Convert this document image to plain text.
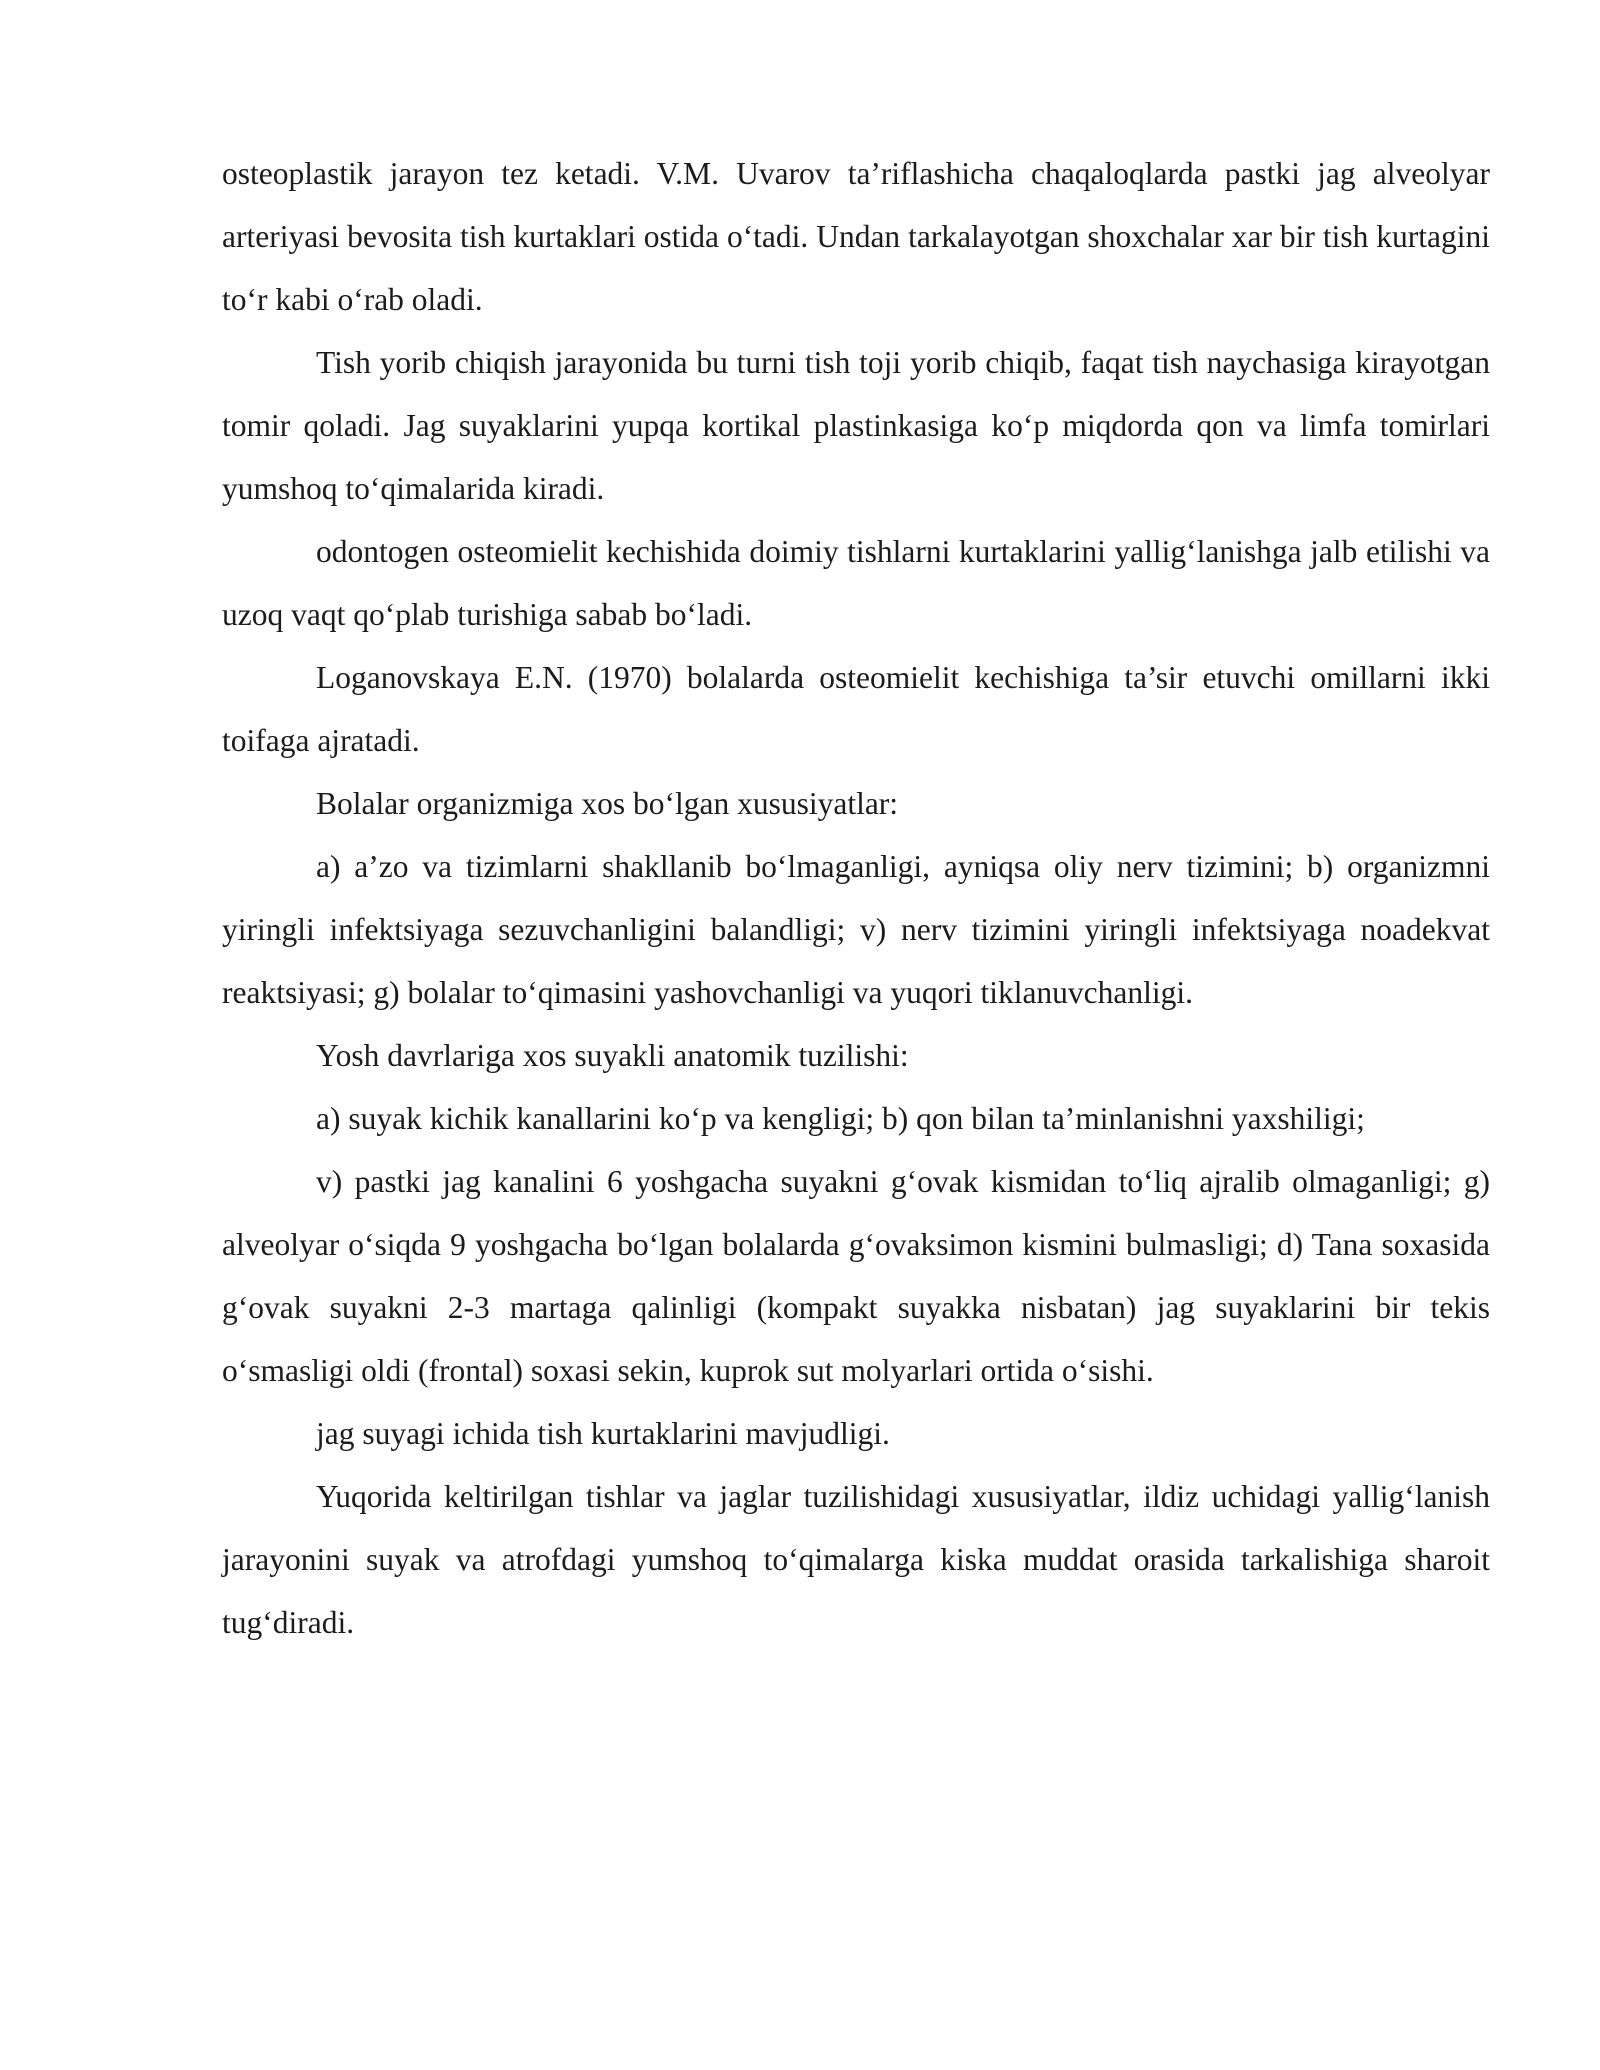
osteoplastik jarayon tez ketadi. V.M. Uvarov ta’riflashicha chaqaloqlarda pastki jag alveolyar arteriyasi bevosita tish kurtaklari ostida o‘tadi. Undan tarkalayotgan shoxchalar xar bir tish kurtagini to‘r kabi o‘rab oladi.

Tish yorib chiqish jarayonida bu turni tish toji yorib chiqib, faqat tish naychasiga kirayotgan tomir qoladi. Jag suyaklarini yupqa kortikal plastinkasiga ko‘p miqdorda qon va limfa tomirlari yumshoq to‘qimalarida kiradi.

odontogen osteomielit kechishida doimiy tishlarni kurtaklarini yallig‘lanishga jalb etilishi va uzoq vaqt qo‘plab turishiga sabab bo‘ladi.

Loganovskaya E.N. (1970) bolalarda osteomielit kechishiga ta’sir etuvchi omillarni ikki toifaga ajratadi.

Bolalar organizmiga xos bo‘lgan xususiyatlar:

a) a’zo va tizimlarni shakllanib bo‘lmaganligi, ayniqsa oliy nerv tizimini; b) organizmni yiringli infektsiyaga sezuvchanligini balandligi; v) nerv tizimini yiringli infektsiyaga noadekvat reaktsiyasi; g) bolalar to‘qimasini yashovchanligi va yuqori tiklanuvchanligi.

Yosh davrlariga xos suyakli anatomik tuzilishi:

a) suyak kichik kanallarini ko‘p va kengligi; b) qon bilan ta’minlanishni yaxshiligi;

v) pastki jag kanalini 6 yoshgacha suyakni g‘ovak kismidan to‘liq ajralib olmaganligi; g) alveolyar o‘siqda 9 yoshgacha bo‘lgan bolalarda g‘ovaksimon kismini bulmasligi; d) Tana soxasida g‘ovak suyakni 2-3 martaga qalinligi (kompakt suyakka nisbatan) jag suyaklarini bir tekis o‘smasligi oldi (frontal) soxasi sekin, kuprok sut molyarlari ortida o‘sishi.

jag suyagi ichida tish kurtaklarini mavjudligi.

Yuqorida keltirilgan tishlar va jaglar tuzilishidagi xususiyatlar, ildiz uchidagi yallig‘lanish jarayonini suyak va atrofdagi yumshoq to‘qimalarga kiska muddat orasida tarkalishiga sharoit tug‘diradi.
